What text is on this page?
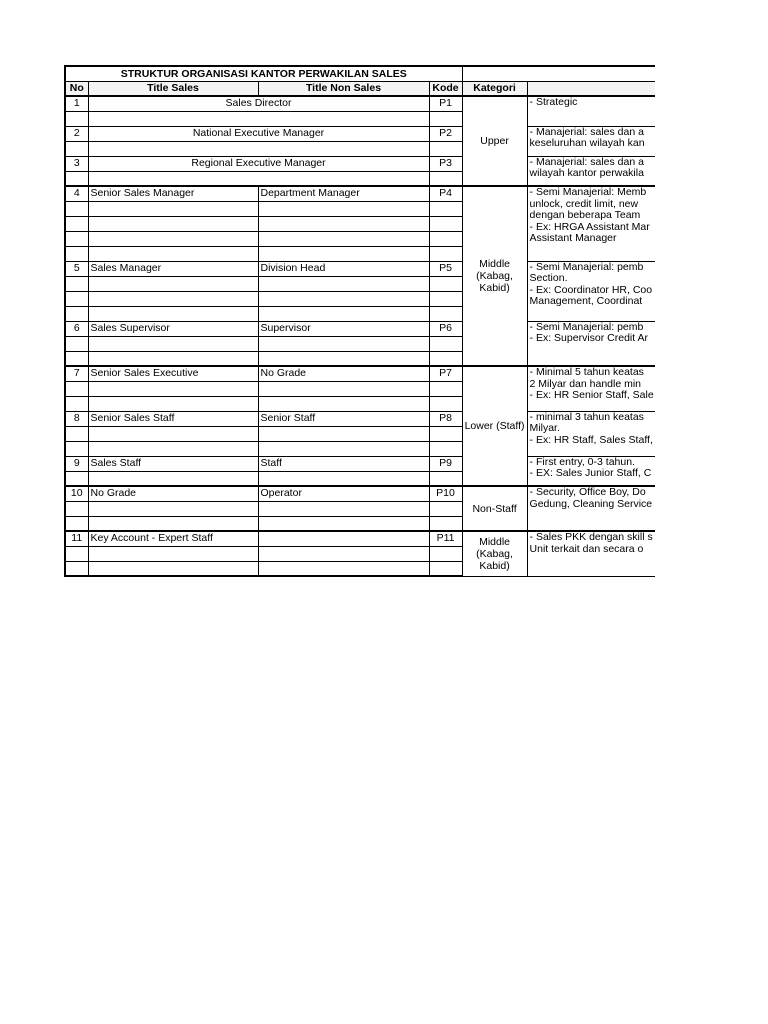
STRUKTUR ORGANISASI KANTOR PERWAKILAN SALES					
No	Title Sales	Title Non Sales	Kode	Kategori	
1	Sales Director		P1	Upper	- Strategic

2	National Executive Manager		P2		- Manajerial: sales dan a
keseluruhan wilayah kan

3	Regional Executive Manager		P3		- Manajerial: sales dan a
wilayah kantor perwakila

4	Senior Sales Manager	Department Manager	P4	Middle (Kabag, Kabid)	- Semi Manajerial: Memb
unlock, credit limit, new
dengan beberapa Team
- Ex: HRGA Assistant Mar
Assistant Manager

5	Sales Manager	Division Head	P5		- Semi Manajerial: pemb
Section.
- Ex: Coordinator HR, Coo
Management, Coordinat

6	Sales Supervisor	Supervisor	P6		- Semi Manajerial: pemb
- Ex: Supervisor Credit Ar

7	Senior Sales Executive	No Grade	P7	Lower (Staff)	- Minimal 5 tahun keatas
2 Milyar dan handle min
- Ex: HR Senior Staff, Sale

8	Senior Sales Staff	Senior Staff	P8		- minimal 3 tahun keatas
Milyar.
- Ex: HR Staff, Sales Staff,

9	Sales Staff	Staff	P9		- First entry, 0-3 tahun.
- EX: Sales Junior Staff, C

10	No Grade	Operator	P10	Non-Staff	- Security, Office Boy, Do
Gedung, Cleaning Service

11	Key Account - Expert Staff		P11	Middle (Kabag, Kabid)	- Sales PKK dengan skill s
Unit terkait dan secara o
